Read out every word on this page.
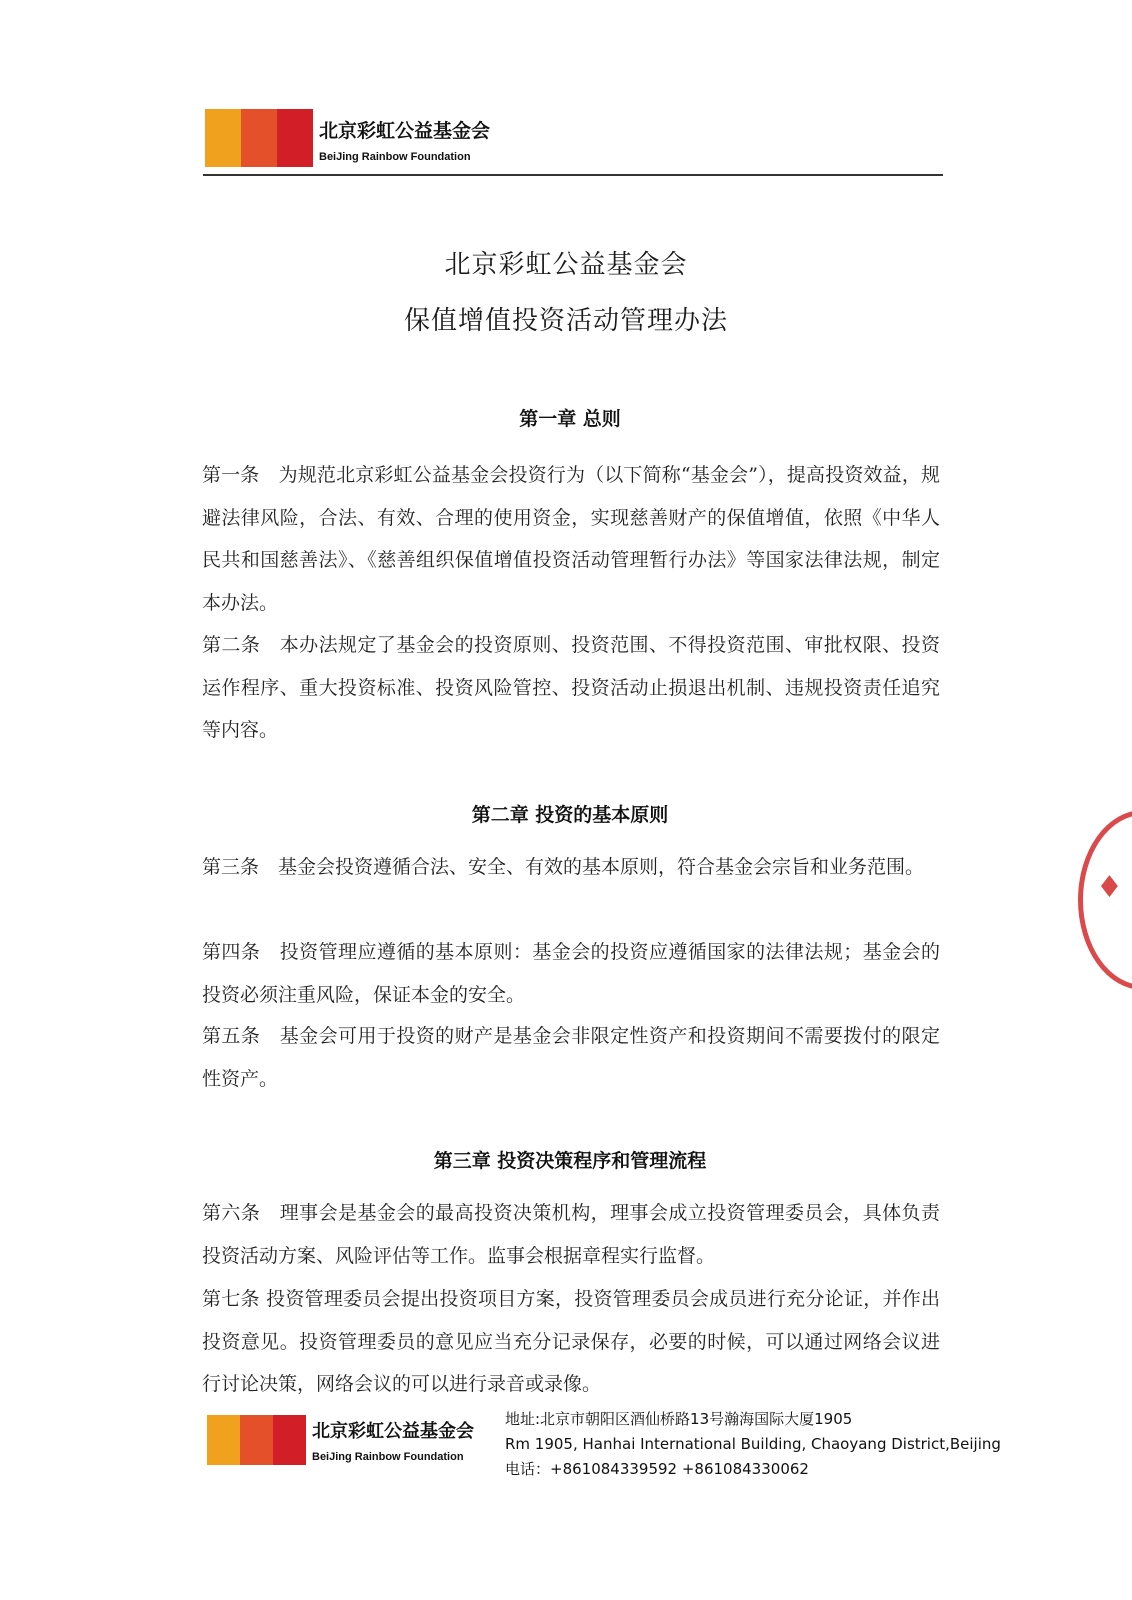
北京彩虹公益基金会
BeiJing Rainbow Foundation
北京彩虹公益基金会
保值增值投资活动管理办法
第一章 总则
第一条　为规范北京彩虹公益基金会投资行为（以下简称“基金会”），提高投资效益，规避法律风险，合法、有效、合理的使用资金，实现慈善财产的保值增值，依照《中华人民共和国慈善法》、《慈善组织保值增值投资活动管理暂行办法》等国家法律法规，制定本办法。
第二条　本办法规定了基金会的投资原则、投资范围、不得投资范围、审批权限、投资运作程序、重大投资标准、投资风险管控、投资活动止损退出机制、违规投资责任追究等内容。
第二章 投资的基本原则
第三条　基金会投资遵循合法、安全、有效的基本原则，符合基金会宗旨和业务范围。
第四条　投资管理应遵循的基本原则：基金会的投资应遵循国家的法律法规；基金会的投资必须注重风险，保证本金的安全。
第五条　基金会可用于投资的财产是基金会非限定性资产和投资期间不需要拨付的限定性资产。
第三章 投资决策程序和管理流程
第六条　理事会是基金会的最高投资决策机构，理事会成立投资管理委员会，具体负责投资活动方案、风险评估等工作。监事会根据章程实行监督。
第七条 投资管理委员会提出投资项目方案，投资管理委员会成员进行充分论证，并作出投资意见。投资管理委员的意见应当充分记录保存，必要的时候，可以通过网络会议进行讨论决策，网络会议的可以进行录音或录像。
♦
北京彩虹公益基金会
BeiJing Rainbow Foundation
地址:北京市朝阳区酒仙桥路13号瀚海国际大厦1905
Rm 1905, Hanhai International Building, Chaoyang District,Beijing
电话：+861084339592 +861084330062
